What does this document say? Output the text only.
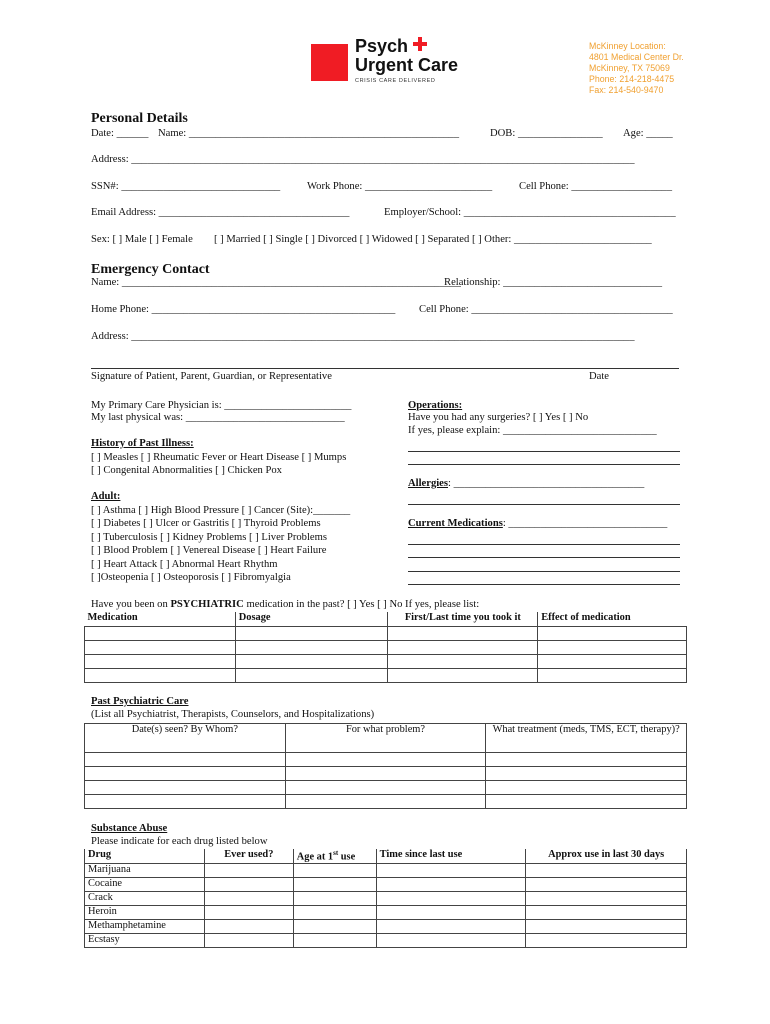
Psych
Urgent Care
CRISIS CARE DELIVERED
McKinney Location:
4801 Medical Center Dr.
McKinney, TX 75069
Phone: 214-218-4475
Fax: 214-540-9470
Personal Details
Date: ______ Name: ___________________________________________________	DOB: ________________ Age: _____
Address: _______________________________________________________________________________________________
SSN#: ______________________________	Work Phone: ________________________	Cell Phone: ___________________
Email Address: ____________________________________	Employer/School: ________________________________________
Sex: [ ] Male [ ] Female [ ] Married [ ] Single [ ] Divorced [ ] Widowed [ ] Separated [ ] Other: __________________________
Emergency Contact
Name: ________________________________________________________________
Relationship: ______________________________
Home Phone: ______________________________________________ Cell Phone: ______________________________________
Address: _______________________________________________________________________________________________
Signature of Patient, Parent, Guardian, or Representative	Date
My Primary Care Physician is: ________________________
My last physical was: ______________________________
History of Past Illness:
[ ] Measles [ ] Rheumatic Fever or Heart Disease [ ] Mumps
[ ] Congenital Abnormalities [ ] Chicken Pox
Adult:
[ ] Asthma [ ] High Blood Pressure [ ] Cancer (Site):_______
[ ] Diabetes [ ] Ulcer or Gastritis [ ] Thyroid Problems
[ ] Tuberculosis [ ] Kidney Problems [ ] Liver Problems
[ ] Blood Problem [ ] Venereal Disease [ ] Heart Failure
[ ] Heart Attack [ ] Abnormal Heart Rhythm
[ ]Osteopenia [ ] Osteoporosis [ ] Fibromyalgia
Operations:
Have you had any surgeries? [ ] Yes [ ] No
If yes, please explain: _____________________________
Allergies: ____________________________________
Current Medications: ______________________________
Have you been on PSYCHIATRIC medication in the past? [ ] Yes [ ] No If yes, please list:
Medication	Dosage	First/Last time you took it	Effect of medication

Past Psychiatric Care
(List all Psychiatrist, Therapists, Counselors, and Hospitalizations)
Date(s) seen? By Whom?	For what problem?	What treatment (meds, TMS, ECT, therapy)?

Substance Abuse
Please indicate for each drug listed below
Drug	Ever used?	Age at 1st use	Time since last use	Approx use in last 30 days
Marijuana				
Cocaine				
Crack				
Heroin				
Methamphetamine				
Ecstasy				
